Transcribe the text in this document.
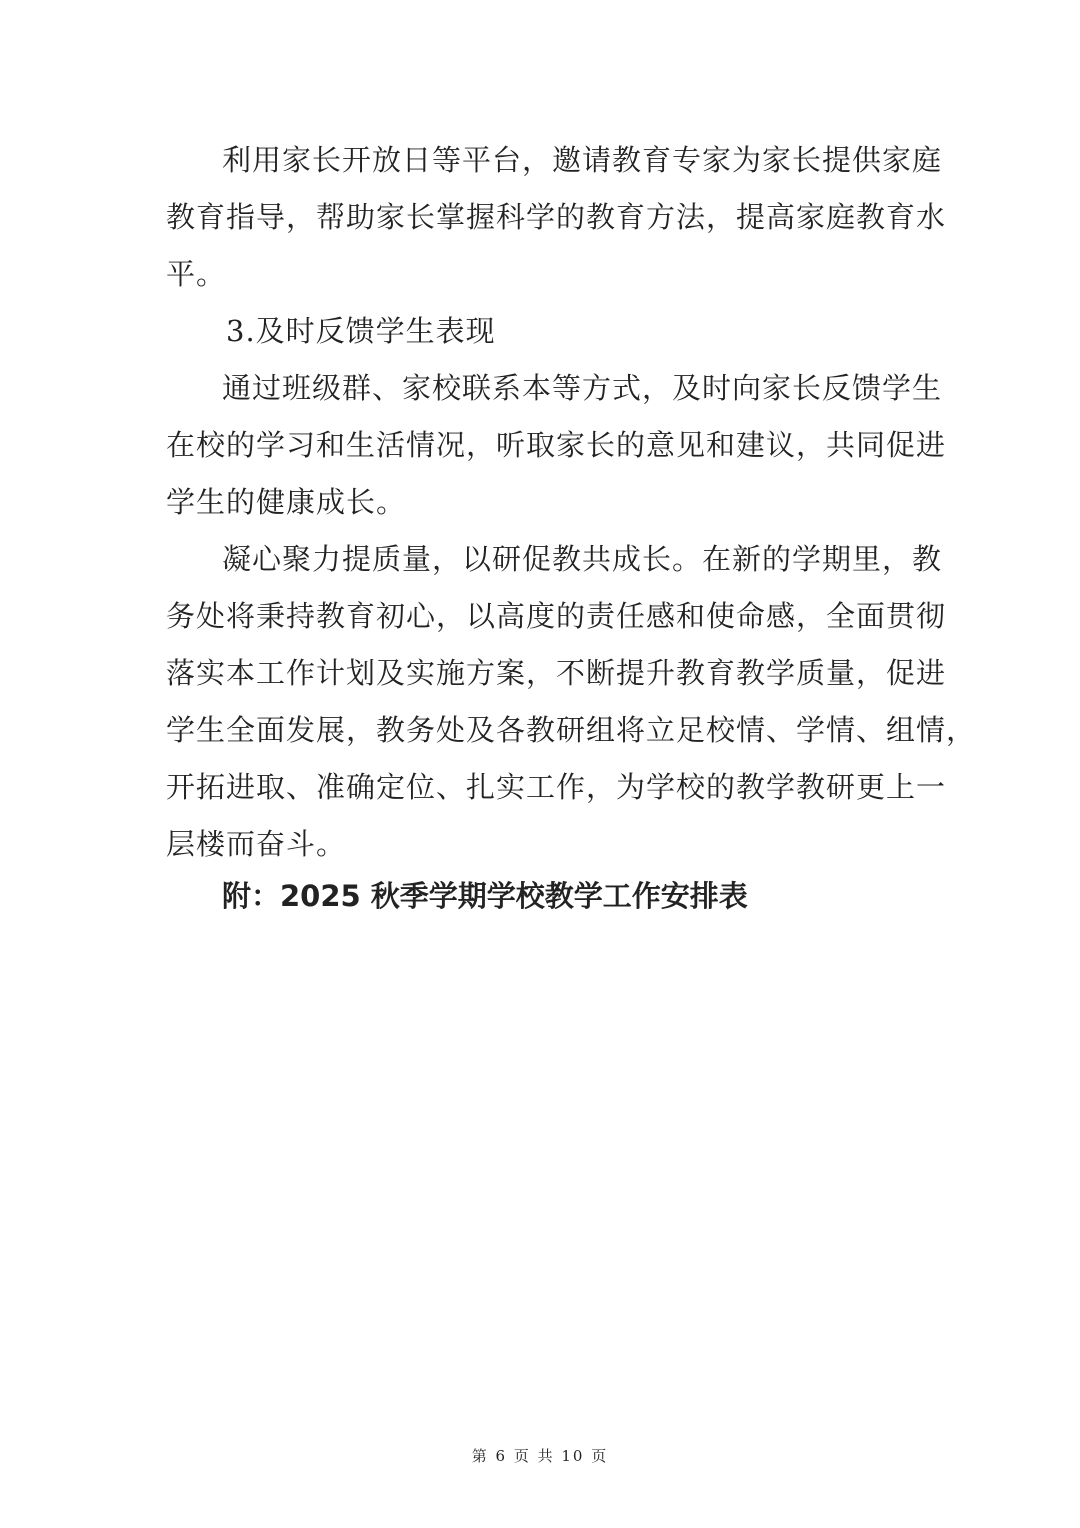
利用家长开放日等平台，邀请教育专家为家长提供家庭
教育指导，帮助家长掌握科学的教育方法，提高家庭教育水
平。
3.及时反馈学生表现
通过班级群、家校联系本等方式，及时向家长反馈学生
在校的学习和生活情况，听取家长的意见和建议，共同促进
学生的健康成长。
凝心聚力提质量，以研促教共成长。在新的学期里，教
务处将秉持教育初心，以高度的责任感和使命感，全面贯彻
落实本工作计划及实施方案，不断提升教育教学质量，促进
学生全面发展，教务处及各教研组将立足校情、学情、组情，
开拓进取、准确定位、扎实工作，为学校的教学教研更上一
层楼而奋斗。
附：2025 秋季学期学校教学工作安排表
第 6 页 共 10 页
